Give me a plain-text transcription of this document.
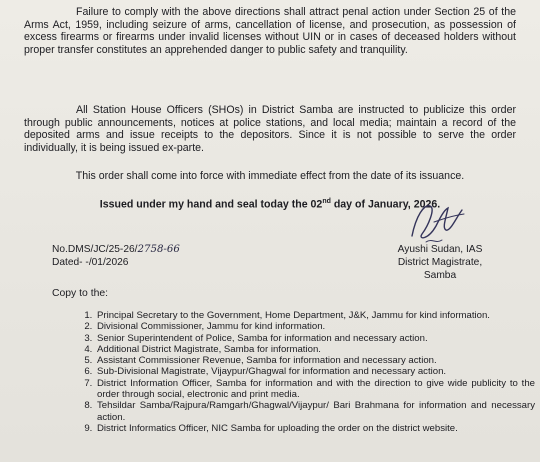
Failure to comply with the above directions shall attract penal action under Section 25 of the Arms Act, 1959, including seizure of arms, cancellation of license, and prosecution, as possession of excess firearms or firearms under invalid licenses without UIN or in cases of deceased holders without proper transfer constitutes an apprehended danger to public safety and tranquility.

All Station House Officers (SHOs) in District Samba are instructed to publicize this order through public announcements, notices at police stations, and local media; maintain a record of the deposited arms and issue receipts to the depositors. Since it is not possible to serve the order individually, it is being issued ex-parte.

This order shall come into force with immediate effect from the date of its issuance.

Issued under my hand and seal today the 02nd day of January, 2026.

No.DMS/JC/25-26/2758-66
Dated- -/01/2026
Ayushi Sudan, IAS
District Magistrate,
Samba
Copy to the:
1. Principal Secretary to the Government, Home Department, J&K, Jammu for kind information.
2. Divisional Commissioner, Jammu for kind information.
3. Senior Superintendent of Police, Samba for information and necessary action.
4. Additional District Magistrate, Samba for information.
5. Assistant Commissioner Revenue, Samba for information and necessary action.
6. Sub-Divisional Magistrate, Vijaypur/Ghagwal for information and necessary action.
7. District Information Officer, Samba for information and with the direction to give wide publicity to the order through social, electronic and print media.
8. Tehsildar Samba/Rajpura/Ramgarh/Ghagwal/Vijaypur/ Bari Brahmana for information and necessary action.
9. District Informatics Officer, NIC Samba for uploading the order on the district website.
